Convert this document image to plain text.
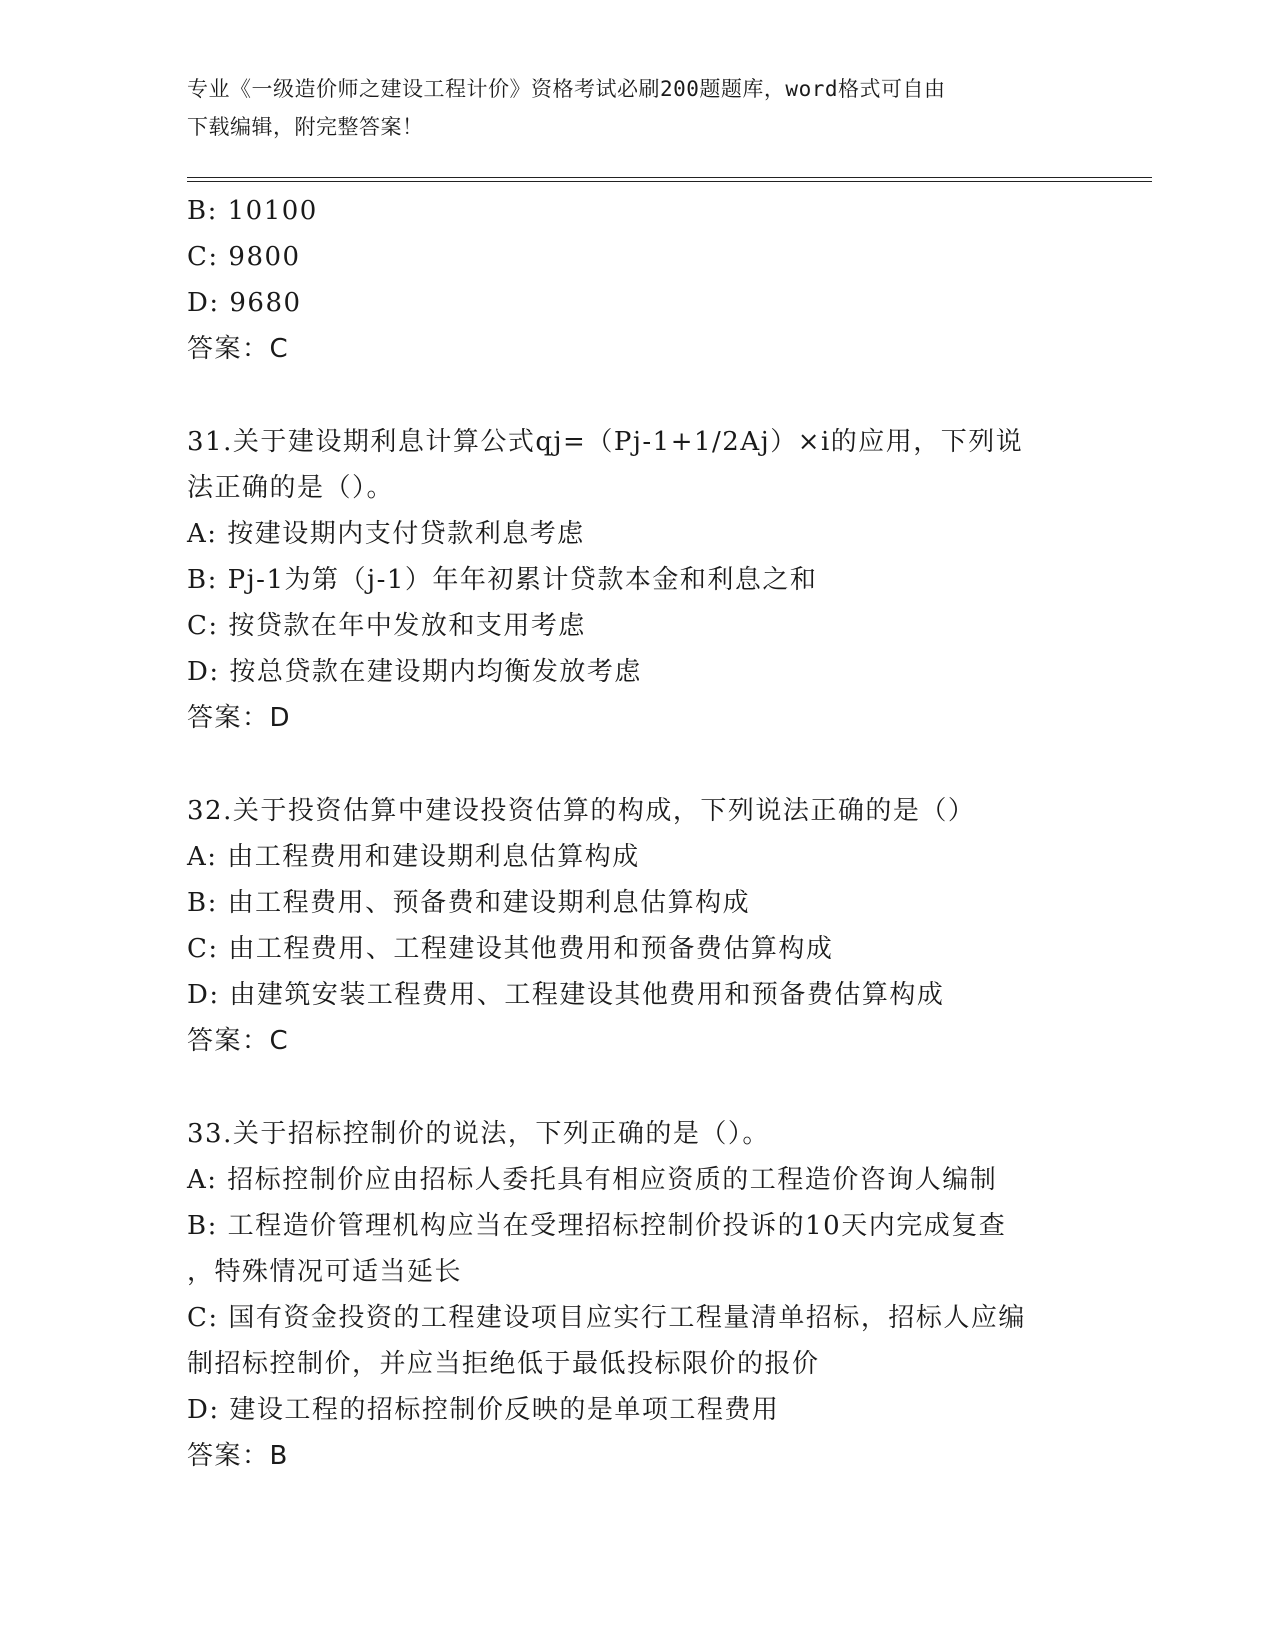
专业《一级造价师之建设工程计价》资格考试必刷200题题库，word格式可自由
下载编辑，附完整答案！
B: 10100
C: 9800
D: 9680
答案：C
31.关于建设期利息计算公式qj=（Pj-1+1/2Aj）×i的应用，下列说
法正确的是（）。
A: 按建设期内支付贷款利息考虑
B: Pj-1为第（j-1）年年初累计贷款本金和利息之和
C: 按贷款在年中发放和支用考虑
D: 按总贷款在建设期内均衡发放考虑
答案：D
32.关于投资估算中建设投资估算的构成，下列说法正确的是（）
A: 由工程费用和建设期利息估算构成
B: 由工程费用、预备费和建设期利息估算构成
C: 由工程费用、工程建设其他费用和预备费估算构成
D: 由建筑安装工程费用、工程建设其他费用和预备费估算构成
答案：C
33.关于招标控制价的说法，下列正确的是（）。
A: 招标控制价应由招标人委托具有相应资质的工程造价咨询人编制
B: 工程造价管理机构应当在受理招标控制价投诉的10天内完成复查
，特殊情况可适当延长
C: 国有资金投资的工程建设项目应实行工程量清单招标，招标人应编
制招标控制价，并应当拒绝低于最低投标限价的报价
D: 建设工程的招标控制价反映的是单项工程费用
答案：B
